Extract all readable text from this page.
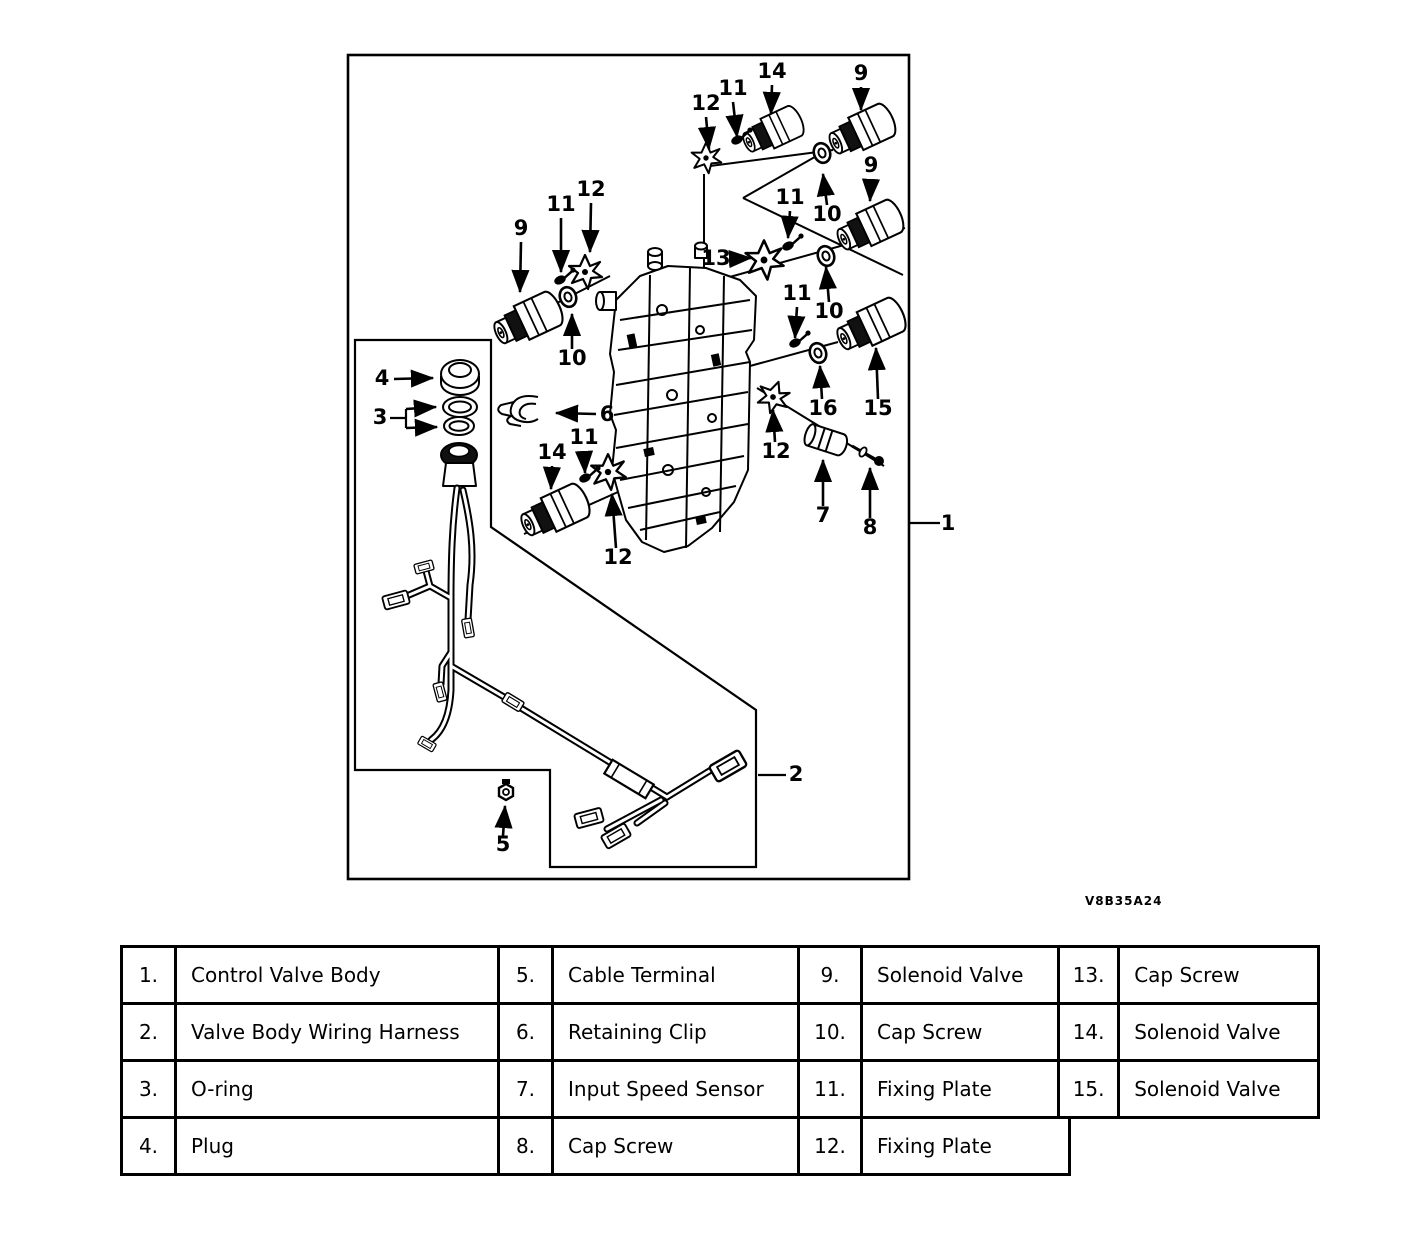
12
11
14	9
10
9
11
13
10
11
9
11
12
10
6
4
3
14
11
12
16 15
12
7 8
5
2
1
V8B35A24
1.	Control Valve Body
2.	Valve Body Wiring Harness
3.	O-ring
4.	Plug
5.	Cable Terminal
6.	Retaining Clip
7.	Input Speed Sensor
8.	Cap Screw
9.	Solenoid Valve
10.	Cap Screw
11.	Fixing Plate
12.	Fixing Plate
13.	Cap Screw
14.	Solenoid Valve
15.	Solenoid Valve
